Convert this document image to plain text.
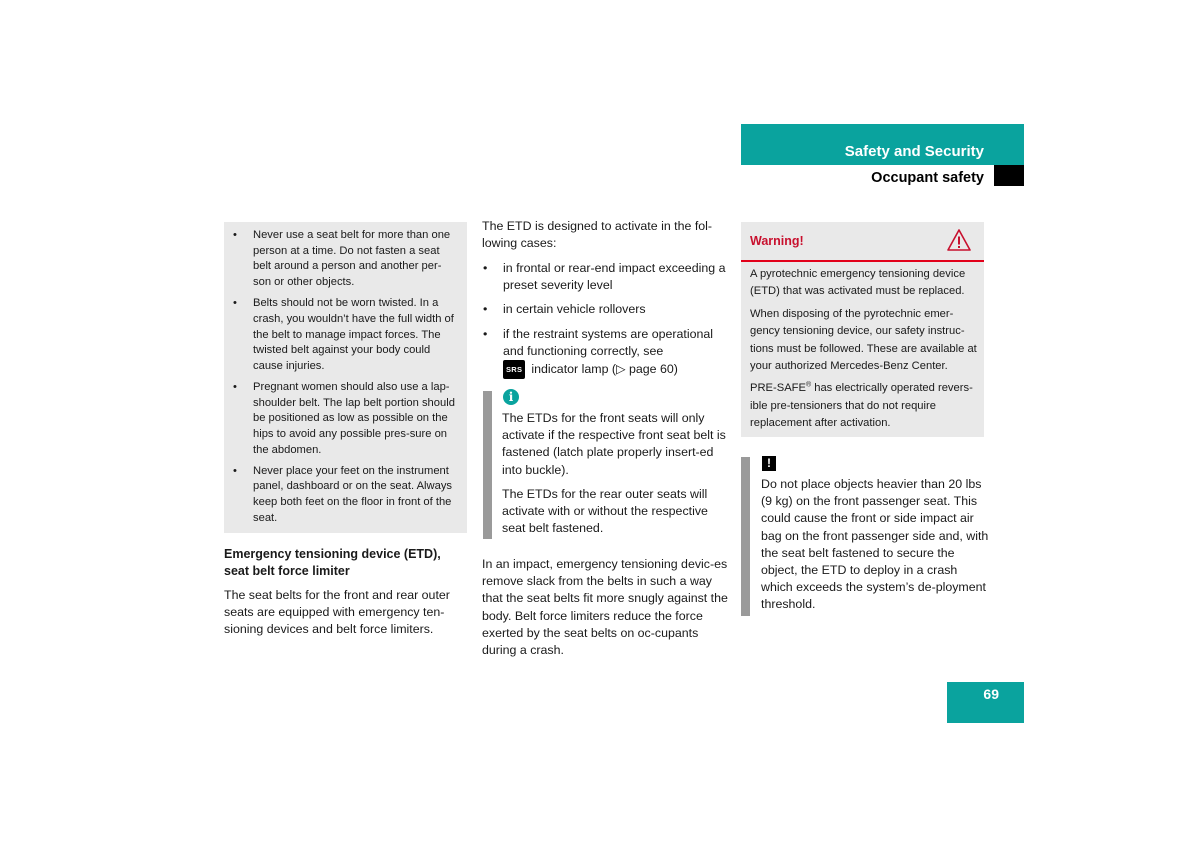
Safety and Security
Occupant safety
• Never use a seat belt for more than one person at a time. Do not fasten a seat belt around a person and another per-son or other objects.
• Belts should not be worn twisted. In a crash, you wouldn’t have the full width of the belt to manage impact forces. The twisted belt against your body could cause injuries.
• Pregnant women should also use a lap-shoulder belt. The lap belt portion should be positioned as low as possible on the hips to avoid any possible pres-sure on the abdomen.
• Never place your feet on the instrument panel, dashboard or on the seat. Always keep both feet on the floor in front of the seat.
Emergency tensioning device (ETD), seat belt force limiter
The seat belts for the front and rear outer seats are equipped with emergency ten-sioning devices and belt force limiters.
The ETD is designed to activate in the fol-lowing cases:
• in frontal or rear-end impact exceeding a preset severity level
• in certain vehicle rollovers
• if the restraint systems are operational and functioning correctly, see
SRS indicator lamp (▷ page 60)
i

The ETDs for the front seats will only activate if the respective front seat belt is fastened (latch plate properly insert-ed into buckle).

The ETDs for the rear outer seats will activate with or without the respective seat belt fastened.

In an impact, emergency tensioning devic-es remove slack from the belts in such a way that the seat belts fit more snugly against the body. Belt force limiters reduce the force exerted by the seat belts on oc-cupants during a crash.
Warning!

A pyrotechnic emergency tensioning device (ETD) that was activated must be replaced.

When disposing of the pyrotechnic emer-gency tensioning device, our safety instruc-tions must be followed. These are available at your authorized Mercedes-Benz Center.

PRE-SAFE® has electrically operated revers-ible pre-tensioners that do not require replacement after activation.

!
Do not place objects heavier than 20 lbs (9 kg) on the front passenger seat. This could cause the front or side impact air bag on the front passenger side and, with the seat belt fastened to secure the object, the ETD to deploy in a crash which exceeds the system’s de-ployment threshold.
69
